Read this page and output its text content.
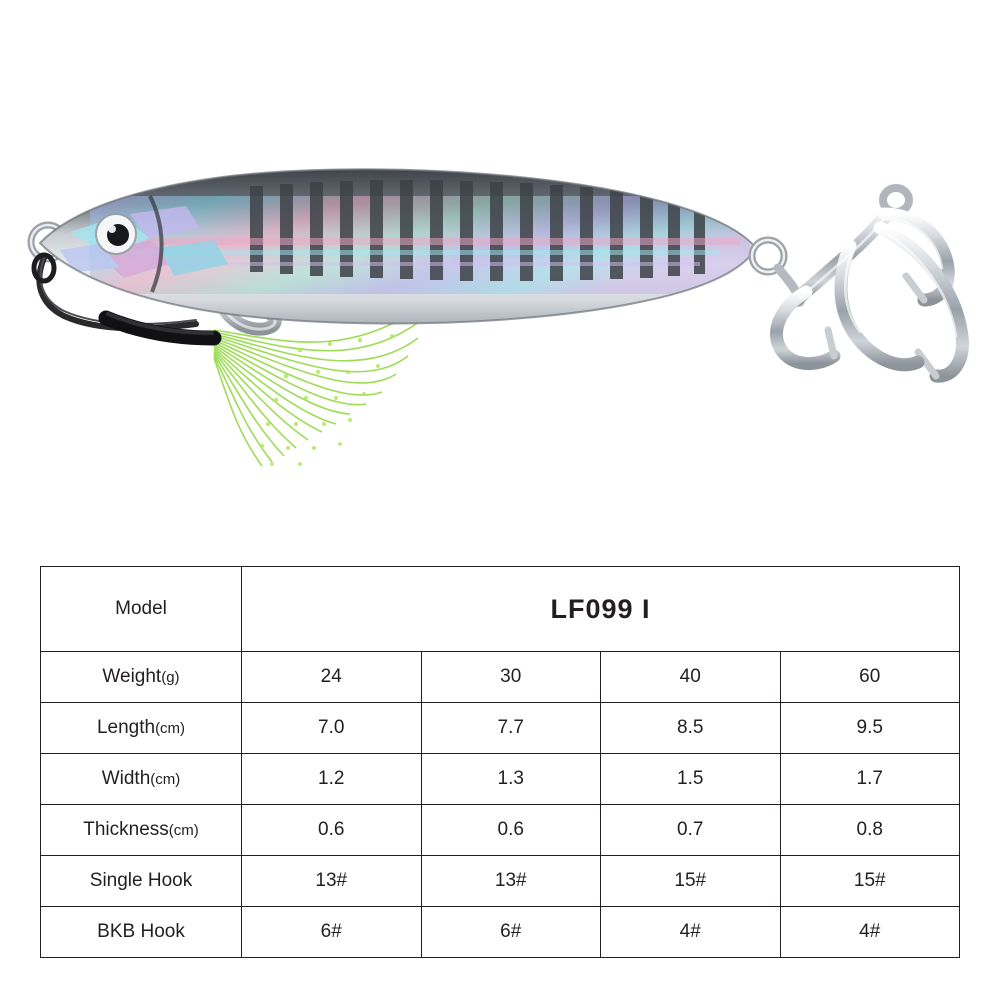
Model	LF099 I			
Weight(g)	24	30	40	60
Length(cm)	7.0	7.7	8.5	9.5
Width(cm)	1.2	1.3	1.5	1.7
Thickness(cm)	0.6	0.6	0.7	0.8
Single Hook	13#	13#	15#	15#
BKB Hook	6#	6#	4#	4#
